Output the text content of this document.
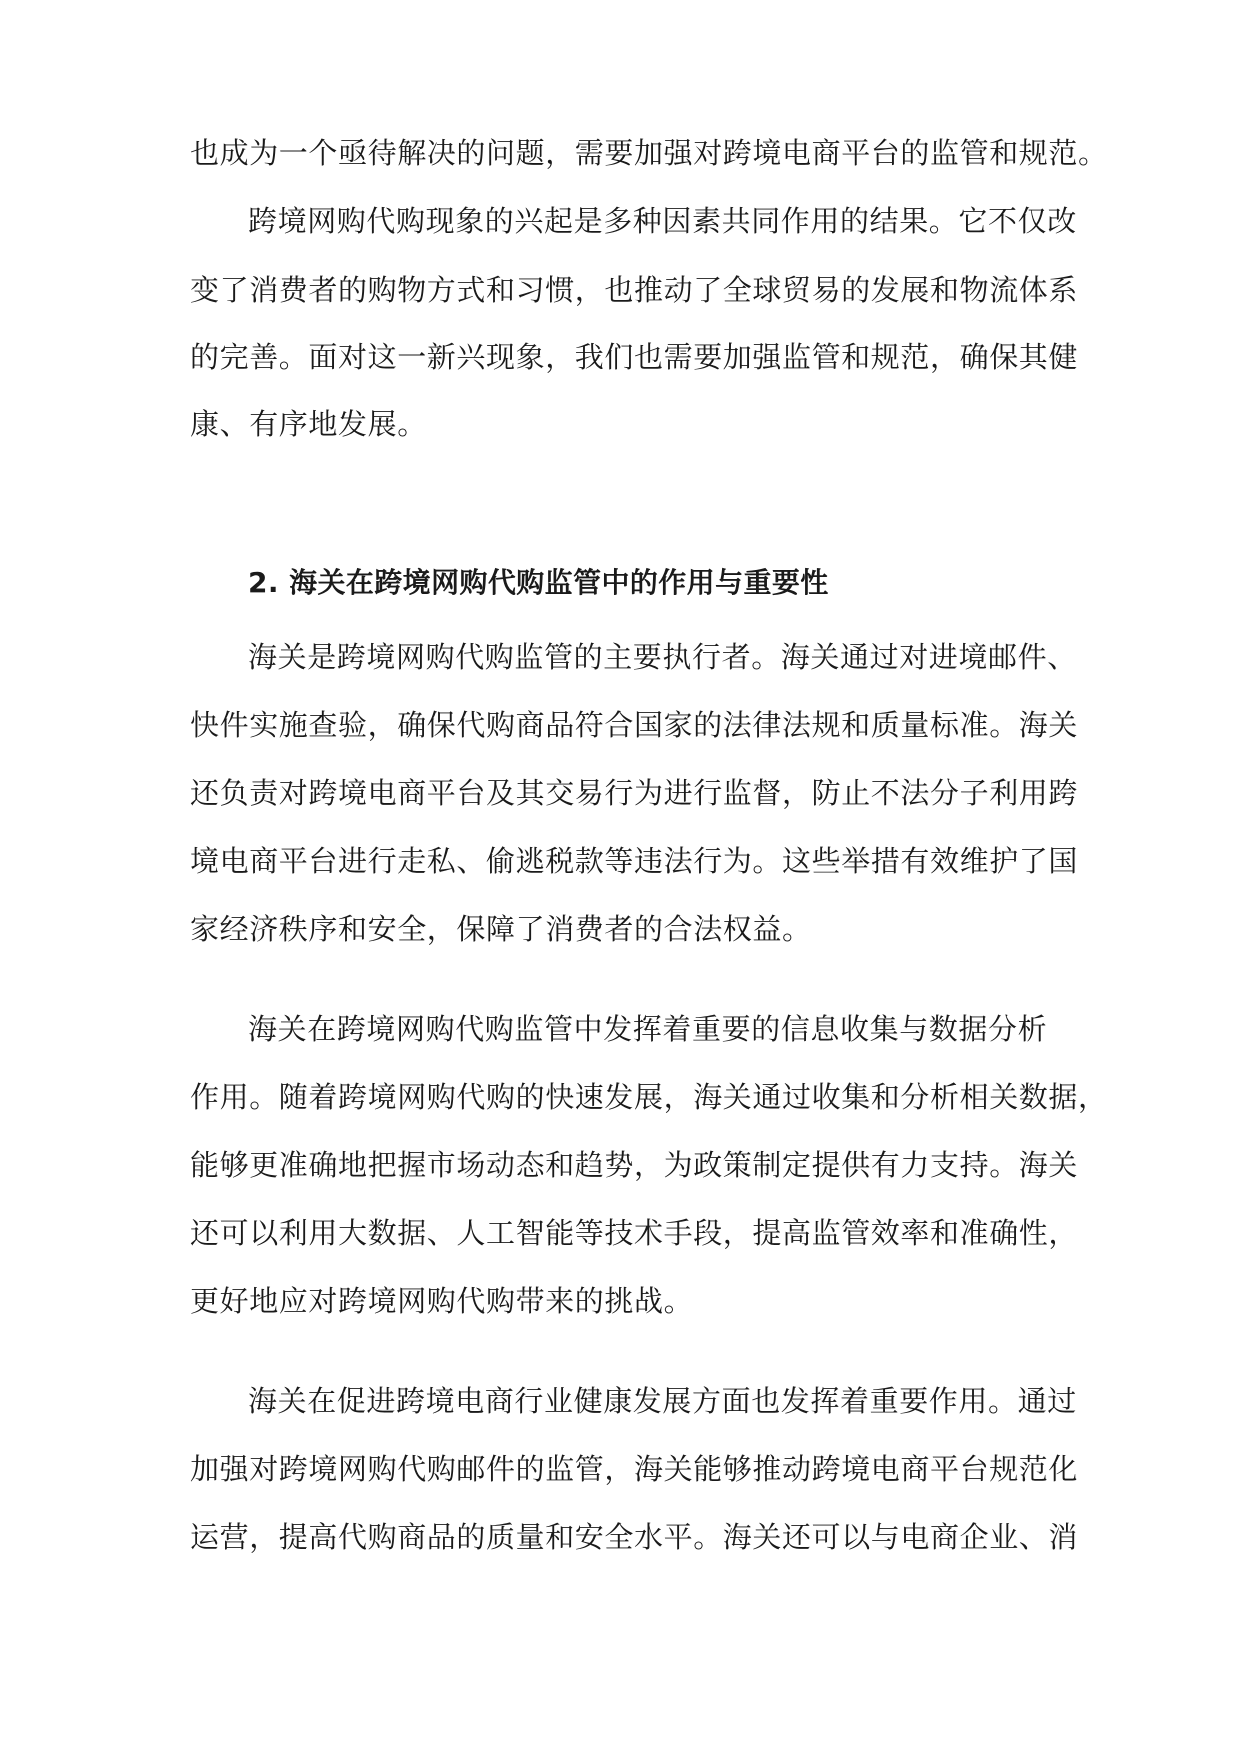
也成为一个亟待解决的问题，需要加强对跨境电商平台的监管和规范。
跨境网购代购现象的兴起是多种因素共同作用的结果。它不仅改
变了消费者的购物方式和习惯，也推动了全球贸易的发展和物流体系
的完善。面对这一新兴现象，我们也需要加强监管和规范，确保其健
康、有序地发展。
2. 海关在跨境网购代购监管中的作用与重要性
海关是跨境网购代购监管的主要执行者。海关通过对进境邮件、
快件实施查验，确保代购商品符合国家的法律法规和质量标准。海关
还负责对跨境电商平台及其交易行为进行监督，防止不法分子利用跨
境电商平台进行走私、偷逃税款等违法行为。这些举措有效维护了国
家经济秩序和安全，保障了消费者的合法权益。
海关在跨境网购代购监管中发挥着重要的信息收集与数据分析
作用。随着跨境网购代购的快速发展，海关通过收集和分析相关数据，
能够更准确地把握市场动态和趋势，为政策制定提供有力支持。海关
还可以利用大数据、人工智能等技术手段，提高监管效率和准确性，
更好地应对跨境网购代购带来的挑战。
海关在促进跨境电商行业健康发展方面也发挥着重要作用。通过
加强对跨境网购代购邮件的监管，海关能够推动跨境电商平台规范化
运营，提高代购商品的质量和安全水平。海关还可以与电商企业、消
